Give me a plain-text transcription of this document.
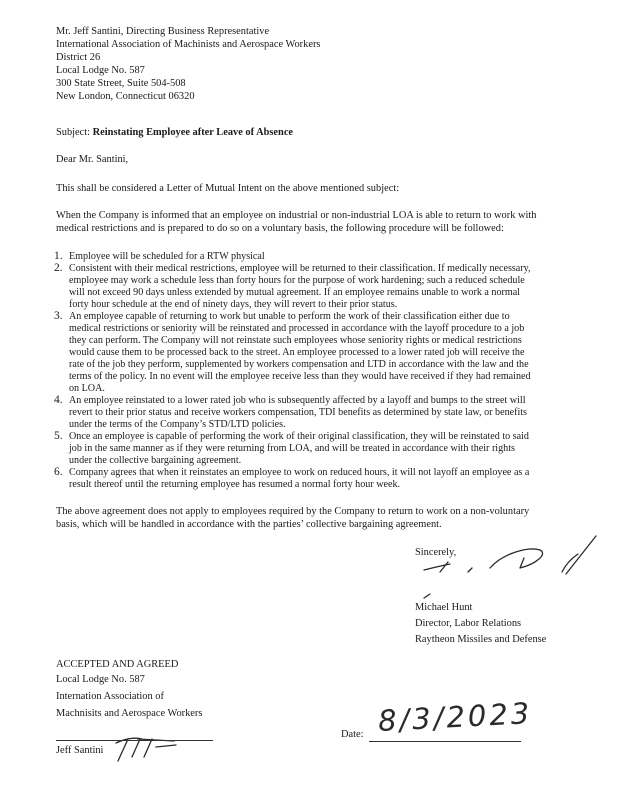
Mr. Jeff Santini, Directing Business Representative
International Association of Machinists and Aerospace Workers
District 26
Local Lodge No. 587
300 State Street, Suite 504-508
New London, Connecticut 06320
Subject: Reinstating Employee after Leave of Absence
Dear Mr. Santini,
This shall be considered a Letter of Mutual Intent on the above mentioned subject:
When the Company is informed that an employee on industrial or non-industrial LOA is able to return to work with
medical restrictions and is prepared to do so on a voluntary basis, the following procedure will be followed:
1. Employee will be scheduled for a RTW physical
2. Consistent with their medical restrictions, employee will be returned to their classification. If medically necessary,
employee may work a schedule less than forty hours for the purpose of work hardening; such a reduced schedule
will not exceed 90 days unless extended by mutual agreement. If an employee remains unable to work a normal
forty hour schedule at the end of ninety days, they will revert to their prior status.
3. An employee capable of returning to work but unable to perform the work of their classification either due to
medical restrictions or seniority will be reinstated and processed in accordance with the layoff procedure to a job
they can perform. The Company will not reinstate such employees whose seniority rights or medical restrictions
would cause them to be processed back to the street. An employee processed to a lower rated job will receive the
rate of the job they perform, supplemented by workers compensation and LTD in accordance with the law and the
terms of the policy. In no event will the employee receive less than they would have received if they had remained
on LOA.
4. An employee reinstated to a lower rated job who is subsequently affected by a layoff and bumps to the street will
revert to their prior status and receive workers compensation, TDI benefits as determined by state law, or benefits
under the terms of the Company’s STD/LTD policies.
5. Once an employee is capable of performing the work of their original classification, they will be reinstated to said
job in the same manner as if they were returning from LOA, and will be treated in accordance with their rights
under the collective bargaining agreement.
6. Company agrees that when it reinstates an employee to work on reduced hours, it will not layoff an employee as a
result thereof until the returning employee has resumed a normal forty hour week.
The above agreement does not apply to employees required by the Company to return to work on a non-voluntary
basis, which will be handled in accordance with the parties’ collective bargaining agreement.
Sincerely,
Michael Hunt
Director, Labor Relations
Raytheon Missiles and Defense
ACCEPTED AND AGREED
Local Lodge No. 587
Internation Association of
Machnisits and Aerospace Workers
Jeff Santini
Date: 8/3/2023
